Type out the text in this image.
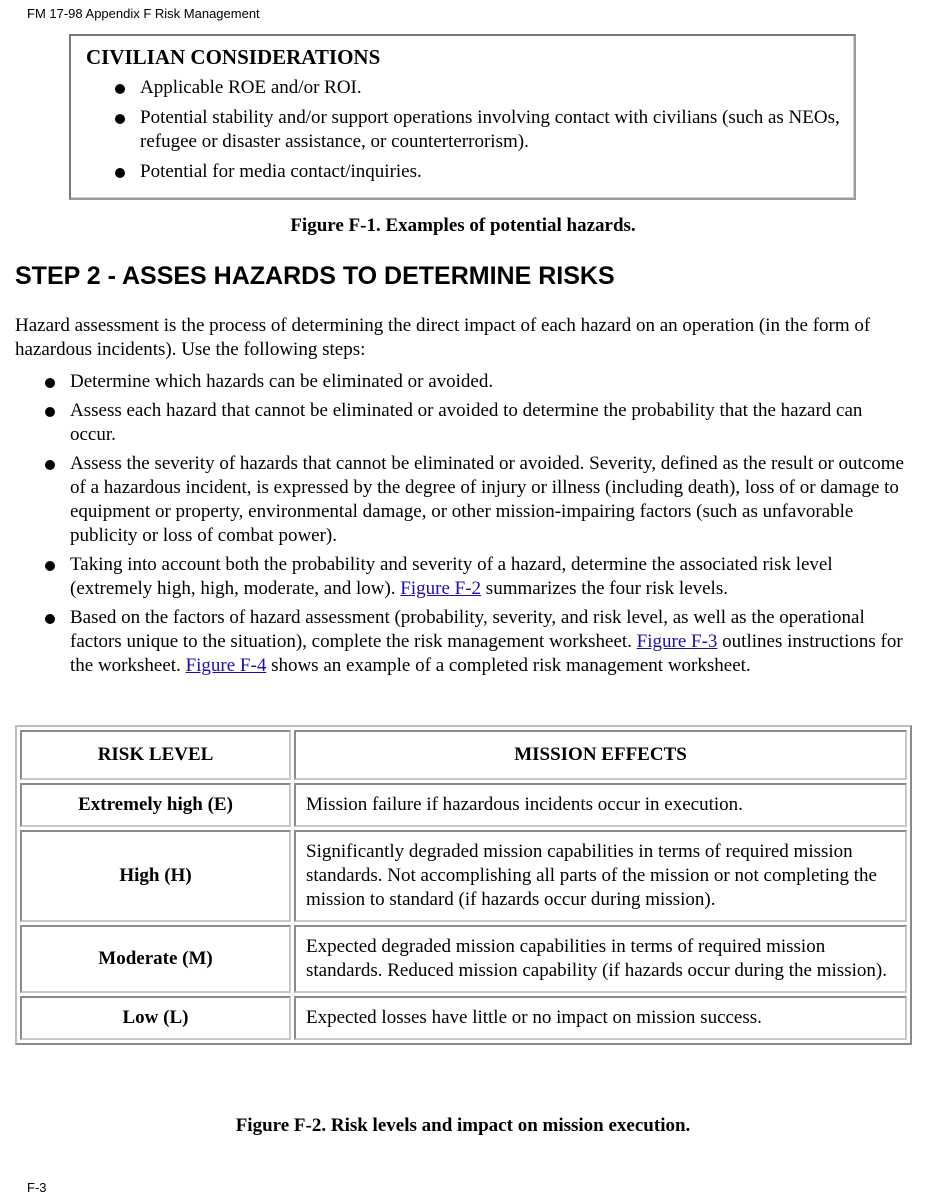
FM 17-98 Appendix F Risk Management
CIVILIAN CONSIDERATIONS
Applicable ROE and/or ROI.
Potential stability and/or support operations involving contact with civilians (such as NEOs, refugee or disaster assistance, or counterterrorism).
Potential for media contact/inquiries.
Figure F-1. Examples of potential hazards.
STEP 2 - ASSES HAZARDS TO DETERMINE RISKS

Hazard assessment is the process of determining the direct impact of each hazard on an operation (in the form of hazardous incidents). Use the following steps:

Determine which hazards can be eliminated or avoided.
Assess each hazard that cannot be eliminated or avoided to determine the probability that the hazard can occur.
Assess the severity of hazards that cannot be eliminated or avoided. Severity, defined as the result or outcome of a hazardous incident, is expressed by the degree of injury or illness (including death), loss of or damage to equipment or property, environmental damage, or other mission-impairing factors (such as unfavorable publicity or loss of combat power).
Taking into account both the probability and severity of a hazard, determine the associated risk level (extremely high, high, moderate, and low). Figure F-2 summarizes the four risk levels.
Based on the factors of hazard assessment (probability, severity, and risk level, as well as the operational factors unique to the situation), complete the risk management worksheet. Figure F-3 outlines instructions for the worksheet. Figure F-4 shows an example of a completed risk management worksheet.
RISK LEVEL	MISSION EFFECTS
Extremely high (E)	Mission failure if hazardous incidents occur in execution.
High (H)	Significantly degraded mission capabilities in terms of required mission standards. Not accomplishing all parts of the mission or not completing the mission to standard (if hazards occur during mission).
Moderate (M)	Expected degraded mission capabilities in terms of required mission standards. Reduced mission capability (if hazards occur during the mission).
Low (L)	Expected losses have little or no impact on mission success.
Figure F-2. Risk levels and impact on mission execution.
F-3
